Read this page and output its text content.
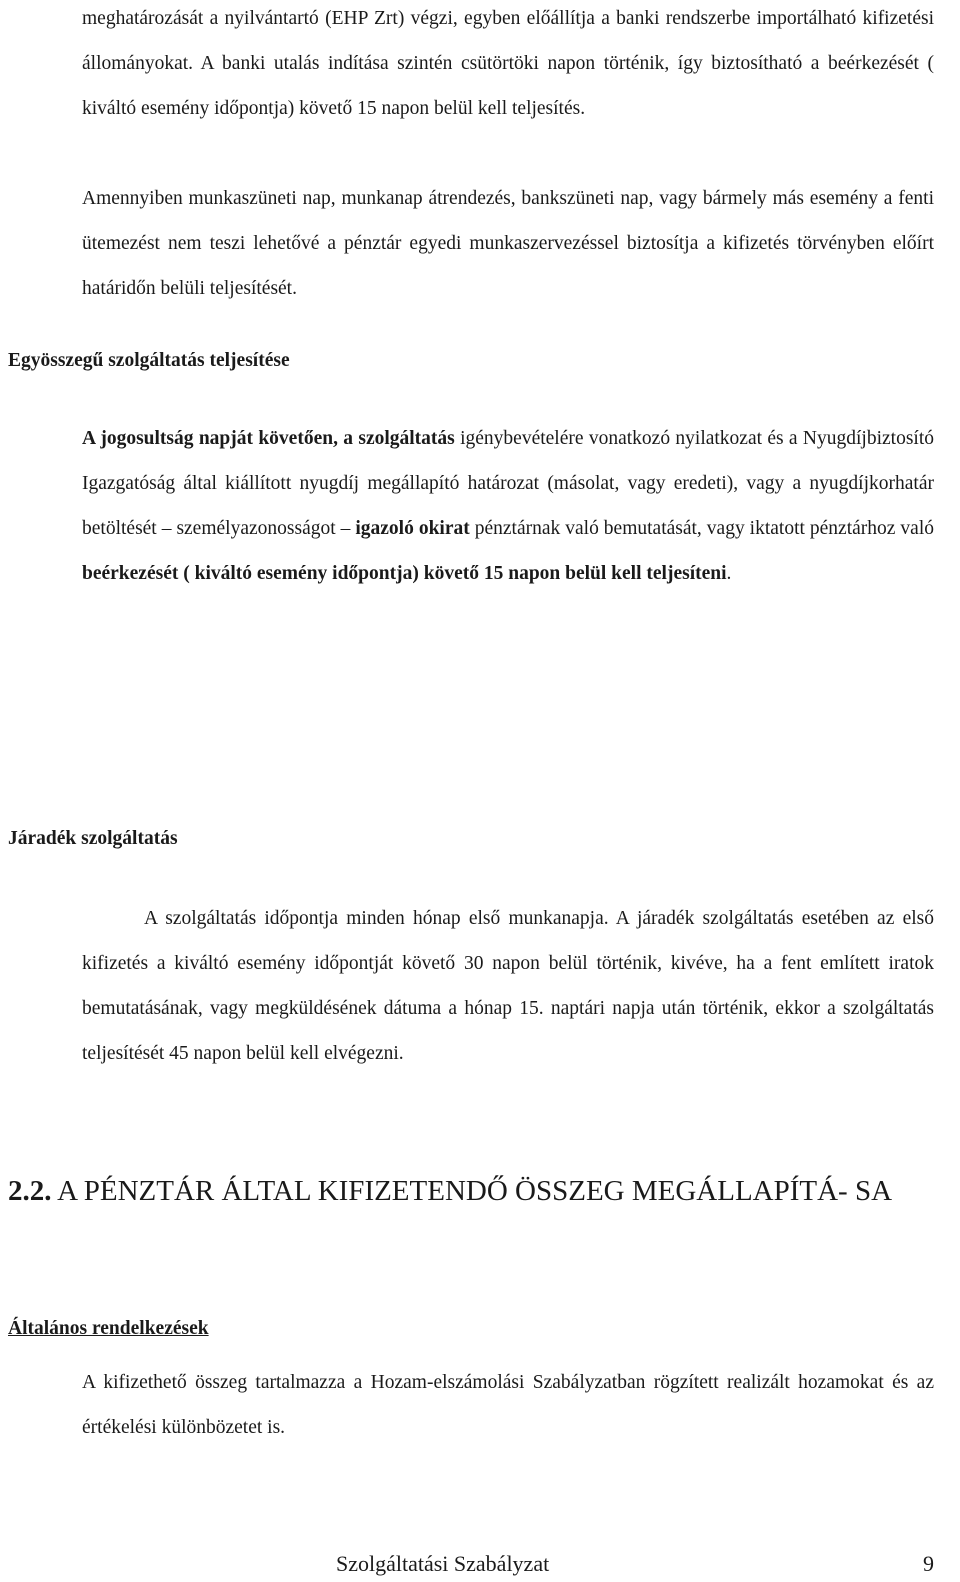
meghatározását a nyilvántartó (EHP Zrt) végzi, egyben előállítja a banki rendszerbe importálható kifizetési állományokat. A banki utalás indítása szintén csütörtöki napon történik, így biztosítható a beérkezését ( kiváltó esemény időpontja) követő 15 napon belül kell teljesítés.
Amennyiben munkaszüneti nap, munkanap átrendezés, bankszüneti nap, vagy bármely más esemény a fenti ütemezést nem teszi lehetővé a pénztár egyedi munkaszervezéssel biztosítja a kifizetés törvényben előírt határidőn belüli teljesítését.
Egyösszegű szolgáltatás teljesítése
A jogosultság napját követően, a szolgáltatás igénybevételére vonatkozó nyilatkozat és a Nyugdíjbiztosító Igazgatóság által kiállított nyugdíj megállapító határozat (másolat, vagy eredeti), vagy a nyugdíjkorhatár betöltését – személyazonosságot – igazoló okirat pénztárnak való bemutatását, vagy iktatott pénztárhoz való beérkezését ( kiváltó esemény időpontja) követő 15 napon belül kell teljesíteni.
Járadék szolgáltatás
A szolgáltatás időpontja minden hónap első munkanapja. A járadék szolgáltatás esetében az első kifizetés a kiváltó esemény időpontját követő 30 napon belül történik, kivéve, ha a fent említett iratok bemutatásának, vagy megküldésének dátuma a hónap 15. naptári napja után történik, ekkor a szolgáltatás teljesítését 45 napon belül kell elvégezni.
2.2. A PÉNZTÁR ÁLTAL KIFIZETENDŐ ÖSSZEG MEGÁLLAPÍTÁ- SA
Általános rendelkezések
A kifizethető összeg tartalmazza a Hozam-elszámolási Szabályzatban rögzített realizált hozamokat és az értékelési különbözetet is.
Szolgáltatási Szabályzat	9
